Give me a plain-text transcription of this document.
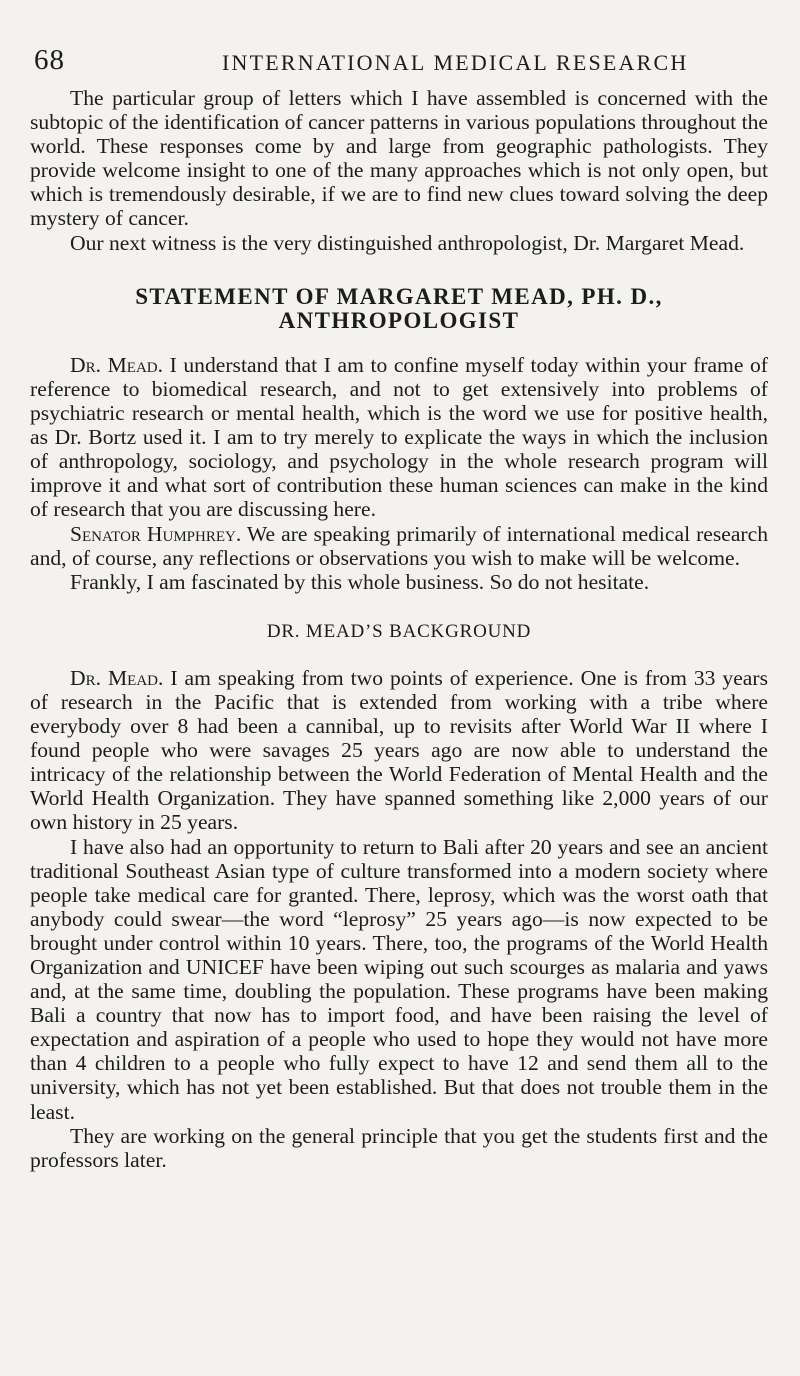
68	INTERNATIONAL MEDICAL RESEARCH

The particular group of letters which I have assembled is concerned with the subtopic of the identification of cancer patterns in various populations throughout the world. These responses come by and large from geographic pathologists. They provide welcome insight to one of the many approaches which is not only open, but which is tremendously desirable, if we are to find new clues toward solving the deep mystery of cancer.

Our next witness is the very distinguished anthropologist, Dr. Margaret Mead.

STATEMENT OF MARGARET MEAD, PH. D., ANTHROPOLOGIST

Dr. Mead. I understand that I am to confine myself today within your frame of reference to biomedical research, and not to get extensively into problems of psychiatric research or mental health, which is the word we use for positive health, as Dr. Bortz used it. I am to try merely to explicate the ways in which the inclusion of anthropology, sociology, and psychology in the whole research program will improve it and what sort of contribution these human sciences can make in the kind of research that you are discussing here.

Senator Humphrey. We are speaking primarily of international medical research and, of course, any reflections or observations you wish to make will be welcome.

Frankly, I am fascinated by this whole business. So do not hesitate.

DR. MEAD’S BACKGROUND

Dr. Mead. I am speaking from two points of experience. One is from 33 years of research in the Pacific that is extended from working with a tribe where everybody over 8 had been a cannibal, up to revisits after World War II where I found people who were savages 25 years ago are now able to understand the intricacy of the relationship between the World Federation of Mental Health and the World Health Organization. They have spanned something like 2,000 years of our own history in 25 years.

I have also had an opportunity to return to Bali after 20 years and see an ancient traditional Southeast Asian type of culture transformed into a modern society where people take medical care for granted. There, leprosy, which was the worst oath that anybody could swear—the word “leprosy” 25 years ago—is now expected to be brought under control within 10 years. There, too, the programs of the World Health Organization and UNICEF have been wiping out such scourges as malaria and yaws and, at the same time, doubling the population. These programs have been making Bali a country that now has to import food, and have been raising the level of expectation and aspiration of a people who used to hope they would not have more than 4 children to a people who fully expect to have 12 and send them all to the university, which has not yet been established. But that does not trouble them in the least.

They are working on the general principle that you get the students first and the professors later.
